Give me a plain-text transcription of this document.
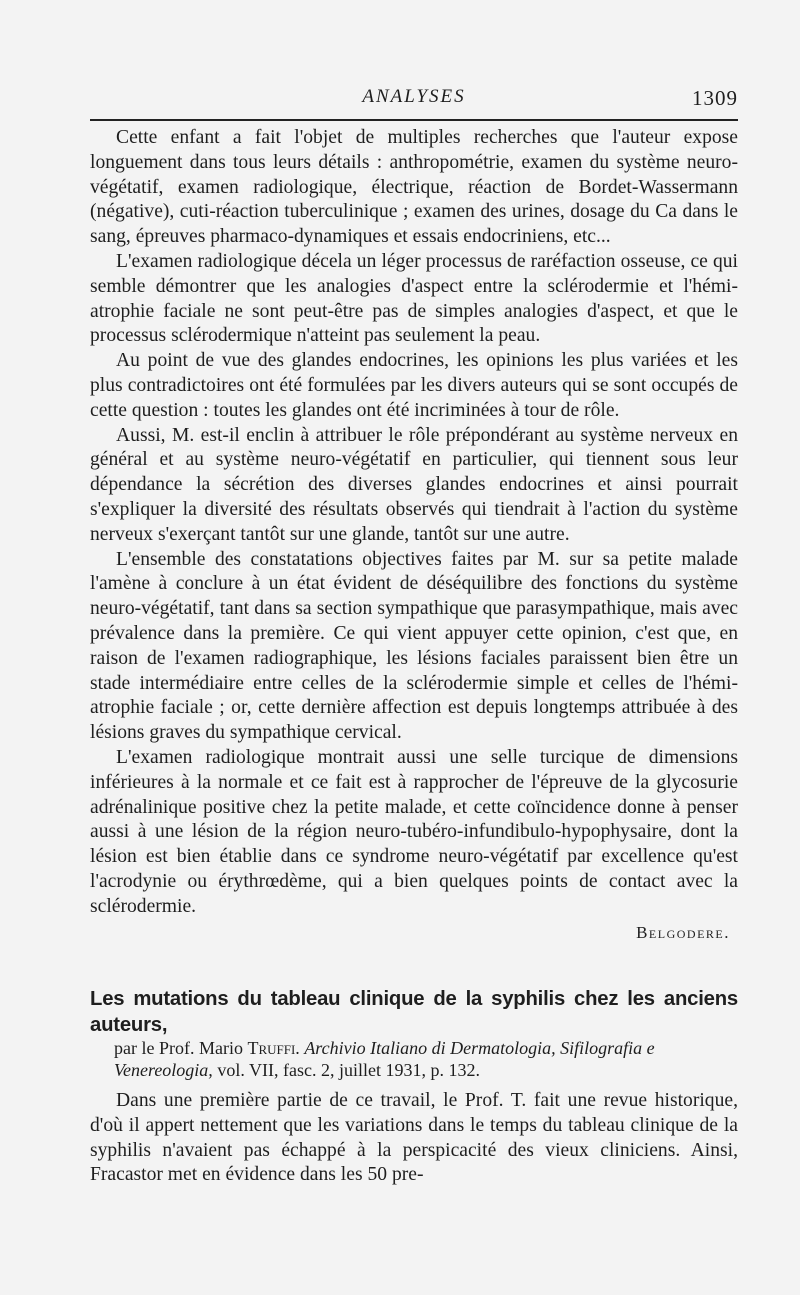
ANALYSES	1309

Cette enfant a fait l'objet de multiples recherches que l'auteur expose longuement dans tous leurs détails : anthropométrie, examen du système neuro-végétatif, examen radiologique, électrique, réaction de Bordet-Wassermann (négative), cuti-réaction tuberculinique ; examen des urines, dosage du Ca dans le sang, épreuves pharmaco-dynamiques et essais endocriniens, etc...

L'examen radiologique décela un léger processus de raréfaction osseuse, ce qui semble démontrer que les analogies d'aspect entre la sclérodermie et l'hémi-atrophie faciale ne sont peut-être pas de simples analogies d'aspect, et que le processus sclérodermique n'atteint pas seulement la peau.

Au point de vue des glandes endocrines, les opinions les plus variées et les plus contradictoires ont été formulées par les divers auteurs qui se sont occupés de cette question : toutes les glandes ont été incriminées à tour de rôle.

Aussi, M. est-il enclin à attribuer le rôle prépondérant au système nerveux en général et au système neuro-végétatif en particulier, qui tiennent sous leur dépendance la sécrétion des diverses glandes endocrines et ainsi pourrait s'expliquer la diversité des résultats observés qui tiendrait à l'action du système nerveux s'exerçant tantôt sur une glande, tantôt sur une autre.

L'ensemble des constatations objectives faites par M. sur sa petite malade l'amène à conclure à un état évident de déséquilibre des fonctions du système neuro-végétatif, tant dans sa section sympathique que parasympathique, mais avec prévalence dans la première. Ce qui vient appuyer cette opinion, c'est que, en raison de l'examen radiographique, les lésions faciales paraissent bien être un stade intermédiaire entre celles de la sclérodermie simple et celles de l'hémi-atrophie faciale ; or, cette dernière affection est depuis longtemps attribuée à des lésions graves du sympathique cervical.

L'examen radiologique montrait aussi une selle turcique de dimensions inférieures à la normale et ce fait est à rapprocher de l'épreuve de la glycosurie adrénalinique positive chez la petite malade, et cette coïncidence donne à penser aussi à une lésion de la région neuro-tubéro-infundibulo-hypophysaire, dont la lésion est bien établie dans ce syndrome neuro-végétatif par excellence qu'est l'acrodynie ou érythrœdème, qui a bien quelques points de contact avec la sclérodermie.

Belgodere.

Les mutations du tableau clinique de la syphilis chez les anciens auteurs,

par le Prof. Mario Truffi. Archivio Italiano di Dermatologia, Sifilografia e Venereologia, vol. VII, fasc. 2, juillet 1931, p. 132.

Dans une première partie de ce travail, le Prof. T. fait une revue historique, d'où il appert nettement que les variations dans le temps du tableau clinique de la syphilis n'avaient pas échappé à la perspicacité des vieux cliniciens. Ainsi, Fracastor met en évidence dans les 50 pre-
